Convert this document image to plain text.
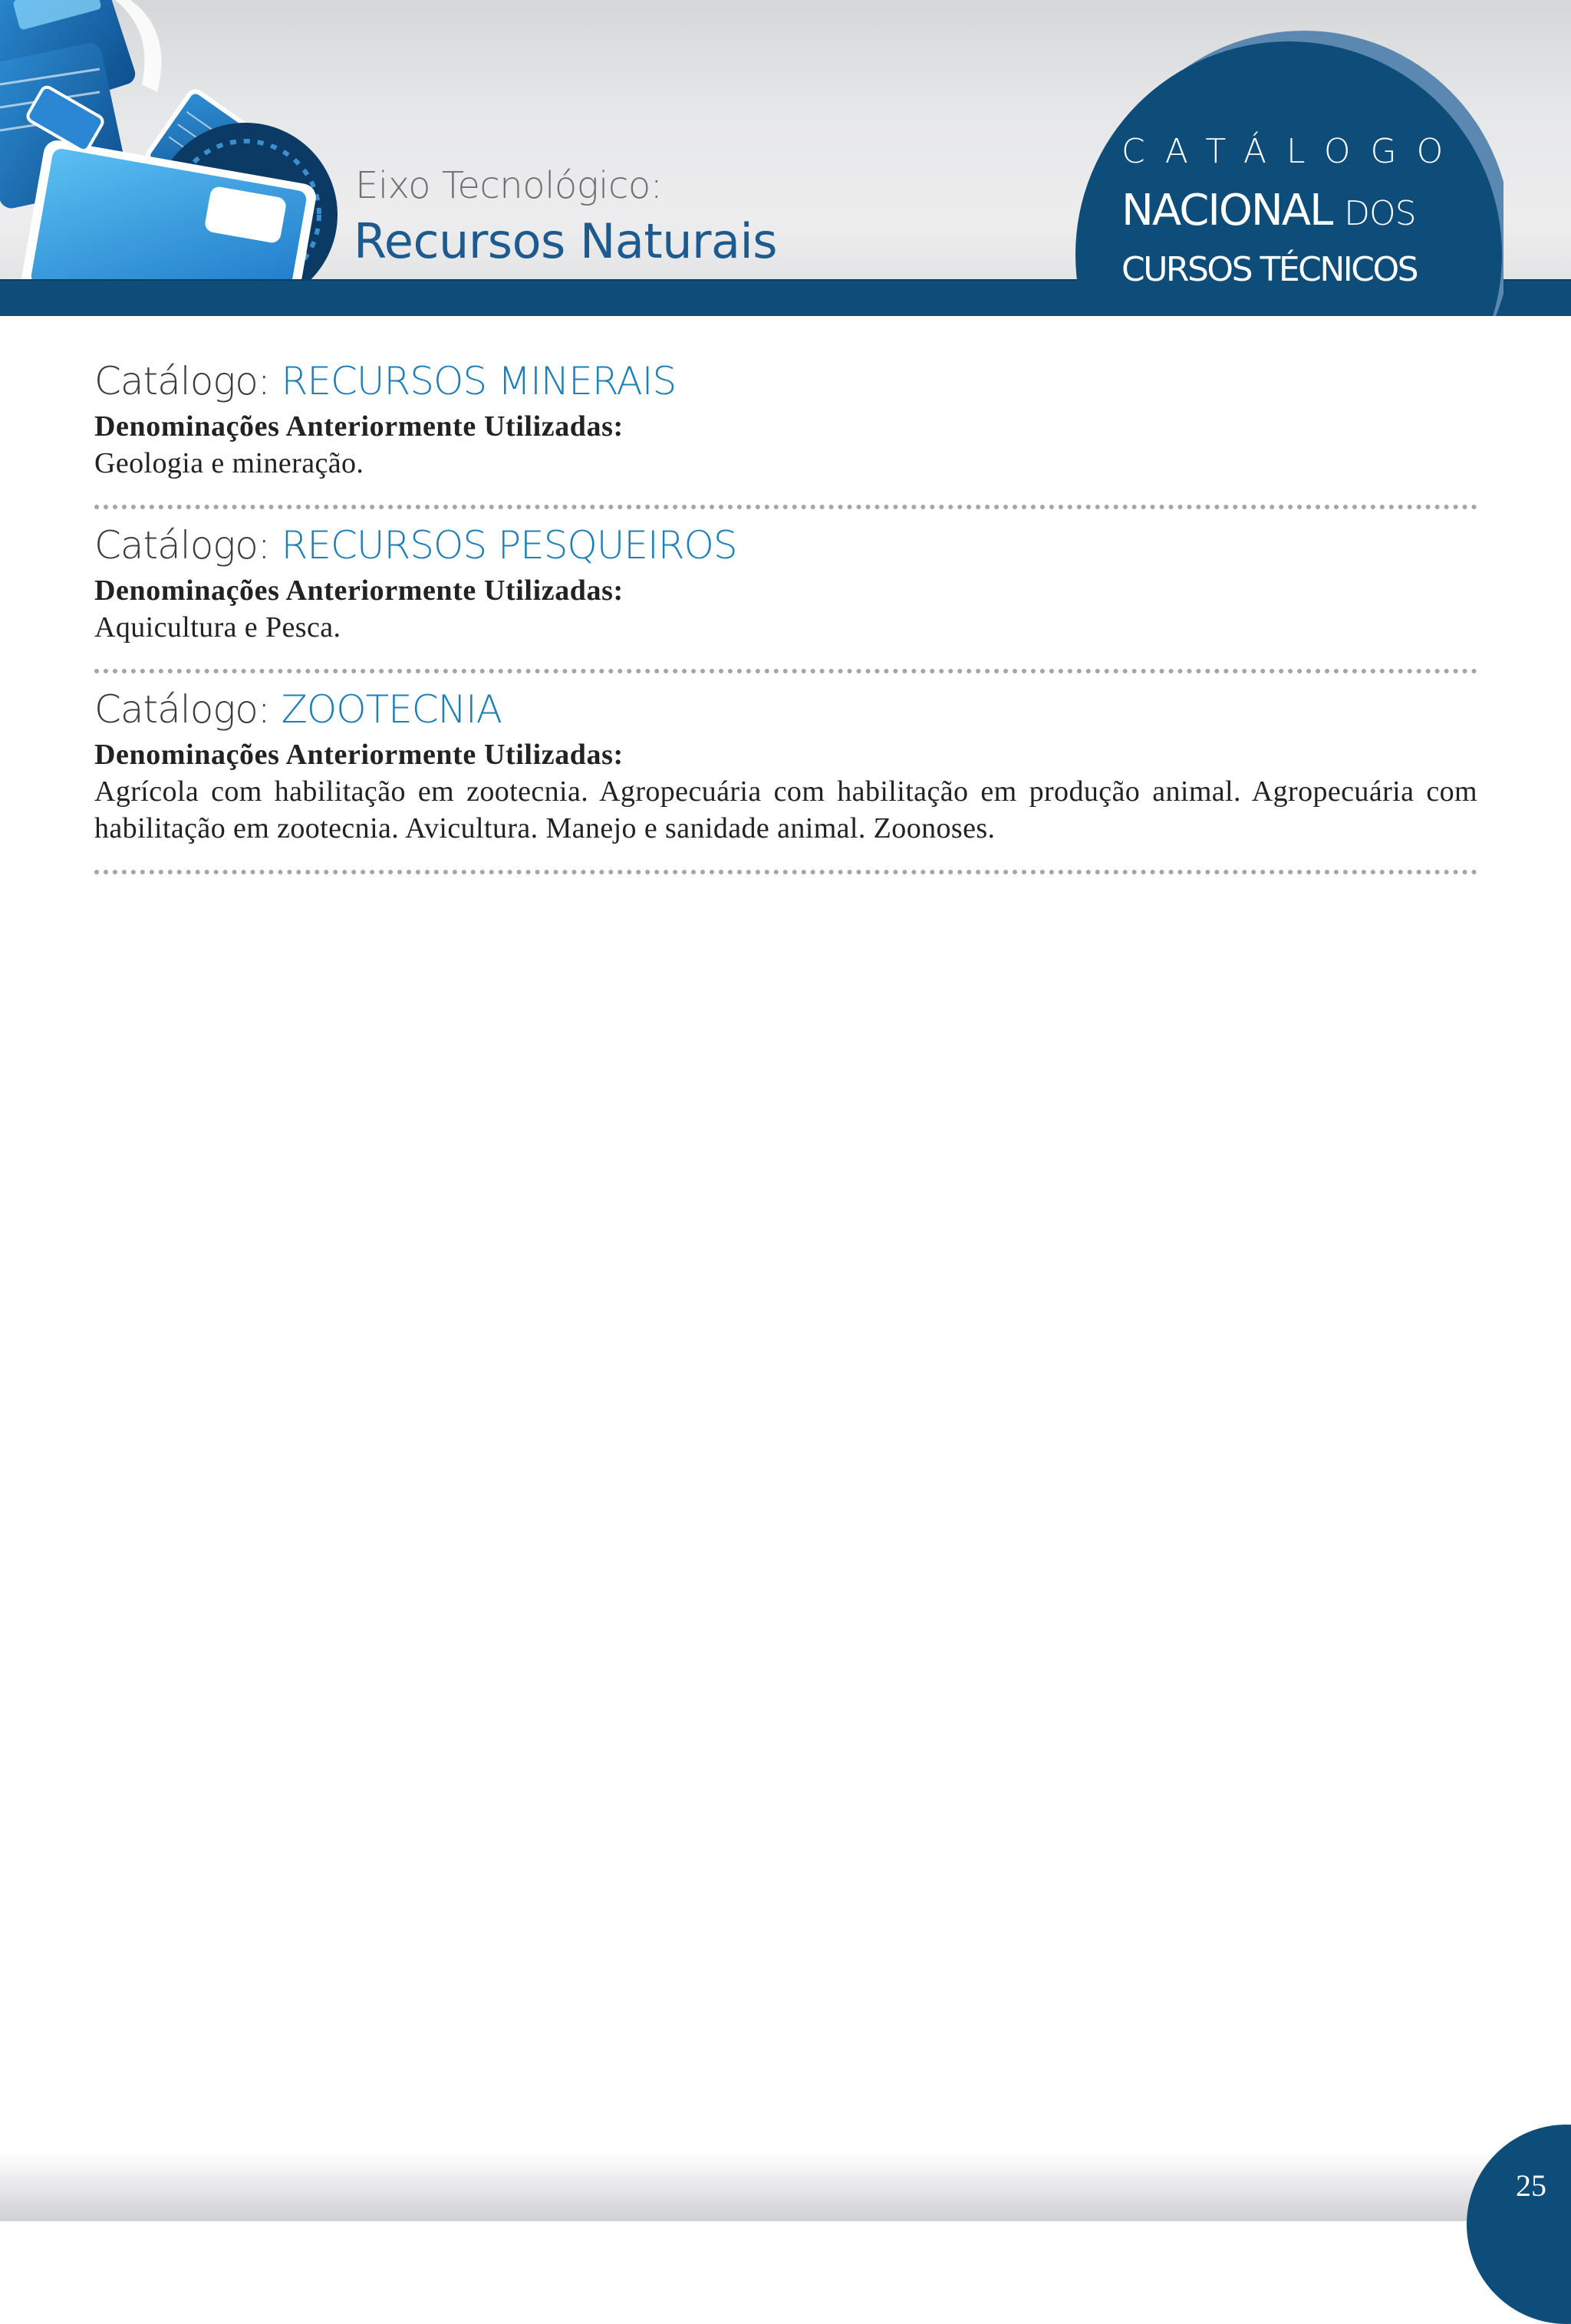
Eixo Tecnológico:
Recursos Naturais
CATÁLOGO
NACIONAL DOS
CURSOS TÉCNICOS
Catálogo: RECURSOS MINERAIS
Denominações Anteriormente Utilizadas:
Geologia e mineração.
Catálogo: RECURSOS PESQUEIROS
Denominações Anteriormente Utilizadas:
Aquicultura e Pesca.
Catálogo: ZOOTECNIA
Denominações Anteriormente Utilizadas:
Agrícola com habilitação em zootecnia. Agropecuária com habilitação em produção animal. Agropecuária com habilitação em zootecnia. Avicultura. Manejo e sanidade animal. Zoonoses.
25
